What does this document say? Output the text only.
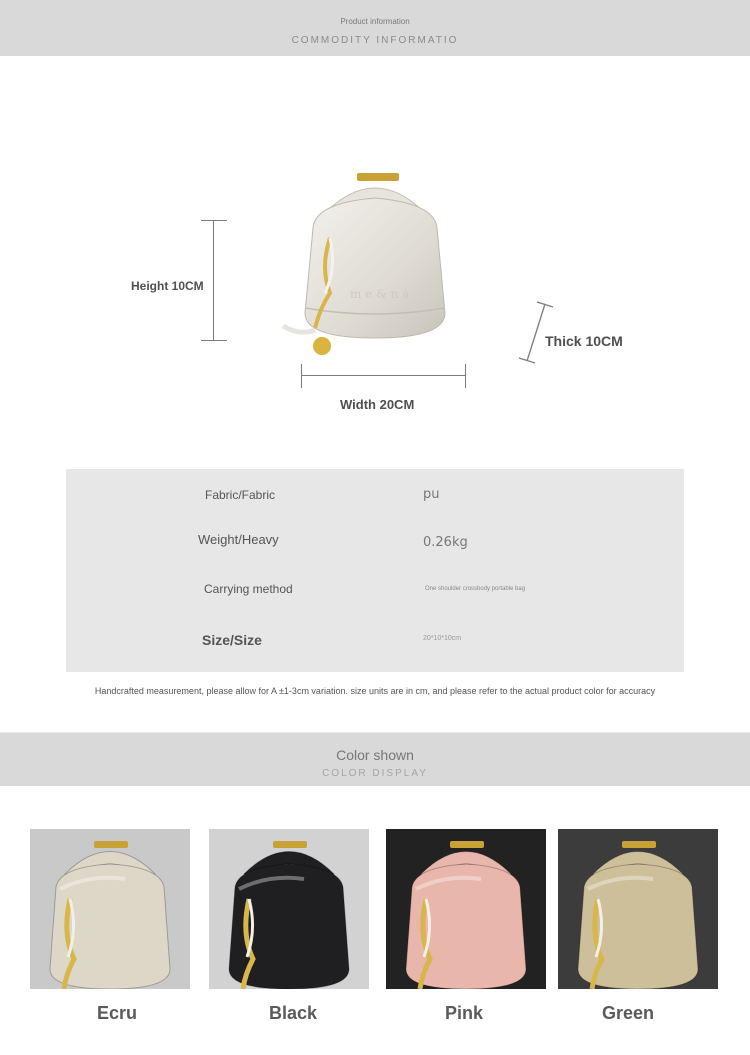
Product information
COMMODITY INFORMATIO
Height 10CM
Thick 10CM
Width 20CM
m e & n a
Fabric/Fabric	pu
Weight/Heavy	0.26kg
Carrying method	One shoulder crossbody portable bag
Size/Size	20*10*10cm
Handcrafted measurement, please allow for A ±1-3cm variation. size units are in cm, and please refer to the actual product color for accuracy
Color shown
COLOR DISPLAY
Ecru	Black	Pink	Green
